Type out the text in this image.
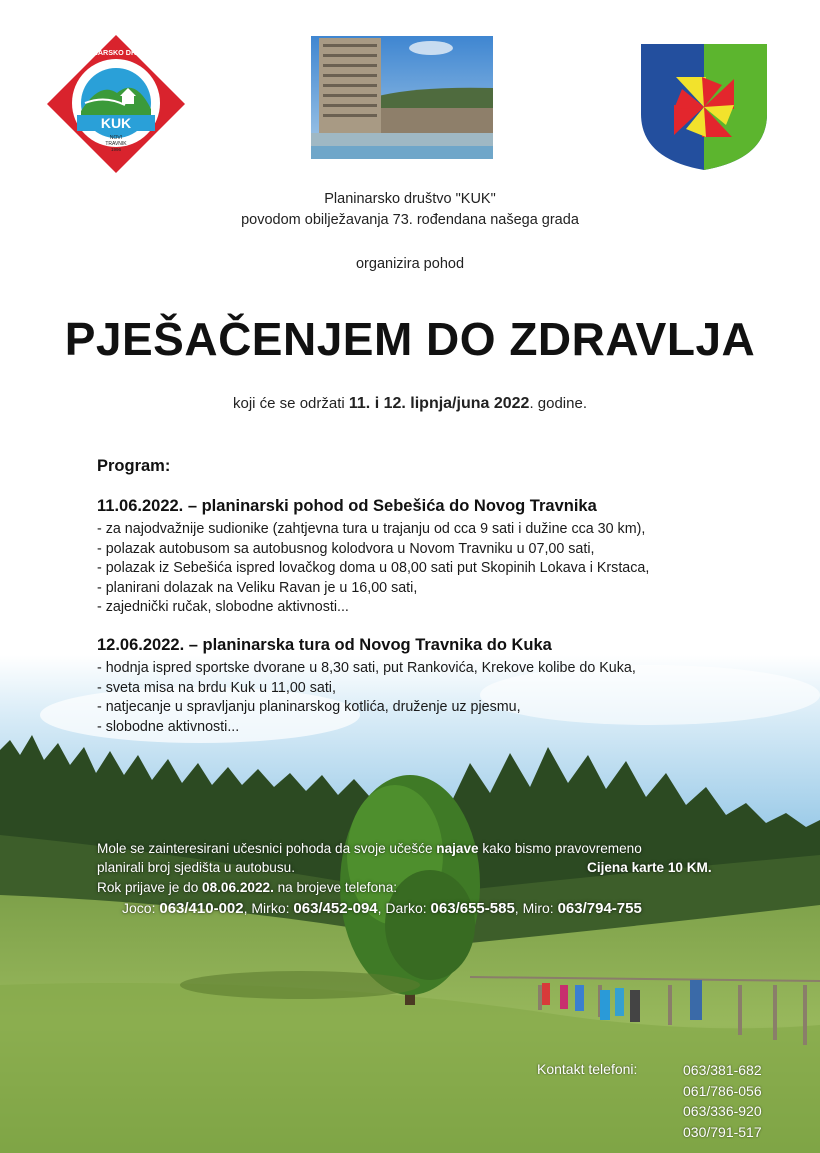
KUK
PLANINARSKO DRUŠTVO
NOVI
TRAVNIK
1996
Planinarsko društvo "KUK"
povodom obilježavanja 73. rođendana našega grada
organizira pohod
PJEŠAČENJEM DO ZDRAVLJA
koji će se održati 11. i 12. lipnja/juna 2022. godine.
Program:
11.06.2022. – planinarski pohod od Sebešića do Novog Travnika
- za najodvažnije sudionike (zahtjevna tura u trajanju od cca 9 sati i dužine cca 30 km),
- polazak autobusom sa autobusnog kolodvora u Novom Travniku u 07,00 sati,
- polazak iz Sebešića ispred lovačkog doma u 08,00 sati put Skopinih Lokava i Krstaca,
- planirani dolazak na Veliku Ravan je u 16,00 sati,
- zajednički ručak, slobodne aktivnosti...
12.06.2022. – planinarska tura od Novog Travnika do Kuka
- hodnja ispred sportske dvorane u 8,30 sati, put Rankovića, Krekove kolibe do Kuka,
- sveta misa na brdu Kuk u 11,00 sati,
- natjecanje u spravljanju planinarskog kotlića, druženje uz pjesmu,
- slobodne aktivnosti...
Mole se zainteresirani učesnici pohoda da svoje učešće najave kako bismo pravovremeno
planirali broj sjedišta u autobusu.	Cijena karte 10 KM.
Rok prijave je do 08.06.2022. na brojeve telefona:
Joco: 063/410-002, Mirko: 063/452-094, Darko: 063/655-585, Miro: 063/794-755
Kontakt telefoni:	063/381-682
061/786-056
063/336-920
030/791-517
